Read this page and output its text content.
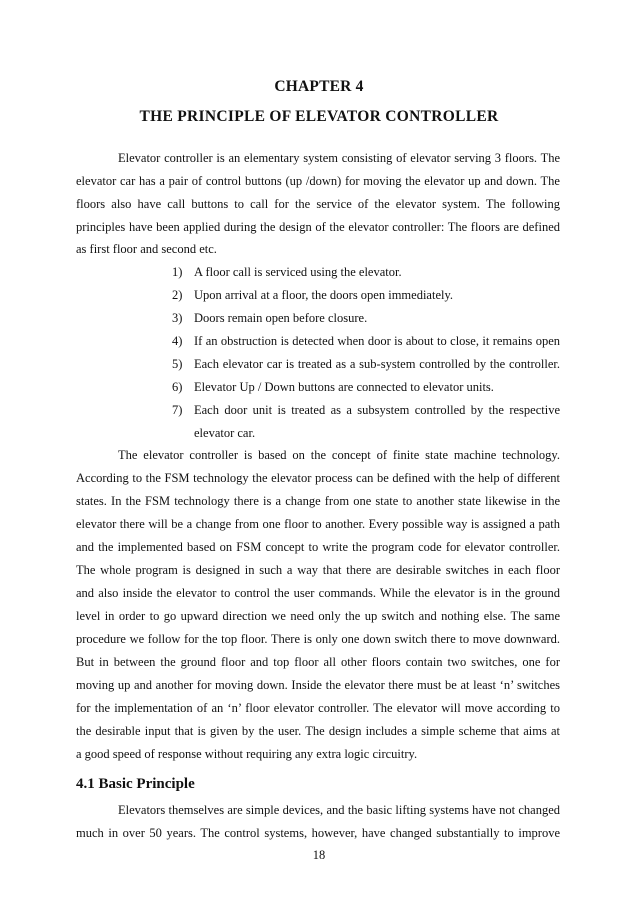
CHAPTER 4
THE PRINCIPLE OF ELEVATOR CONTROLLER
Elevator controller is an elementary system consisting of elevator serving 3 floors. The
elevator car has a pair of control buttons (up /down) for moving the elevator up and down. The
floors also have call buttons to call for the service of the elevator system. The following
principles have been applied during the design of the elevator controller: The floors are defined
as first floor and second etc.
1) A floor call is serviced using the elevator.
2) Upon arrival at a floor, the doors open immediately.
3) Doors remain open before closure.
4) If an obstruction is detected when door is about to close, it remains open
5) Each elevator car is treated as a sub-system controlled by the controller.
6) Elevator Up / Down buttons are connected to elevator units.
7) Each door unit is treated as a subsystem controlled by the respective
elevator car.
The elevator controller is based on the concept of finite state machine technology.
According to the FSM technology the elevator process can be defined with the help of different
states. In the FSM technology there is a change from one state to another state likewise in the
elevator there will be a change from one floor to another. Every possible way is assigned a path
and the implemented based on FSM concept to write the program code for elevator controller.
The whole program is designed in such a way that there are desirable switches in each floor
and also inside the elevator to control the user commands. While the elevator is in the ground
level in order to go upward direction we need only the up switch and nothing else. The same
procedure we follow for the top floor. There is only one down switch there to move downward.
But in between the ground floor and top floor all other floors contain two switches, one for
moving up and another for moving down. Inside the elevator there must be at least ‘n’ switches
for the implementation of an ‘n’ floor elevator controller. The elevator will move according to
the desirable input that is given by the user. The design includes a simple scheme that aims at
a good speed of response without requiring any extra logic circuitry.
4.1 Basic Principle
Elevators themselves are simple devices, and the basic lifting systems have not changed
much in over 50 years. The control systems, however, have changed substantially to improve
18
